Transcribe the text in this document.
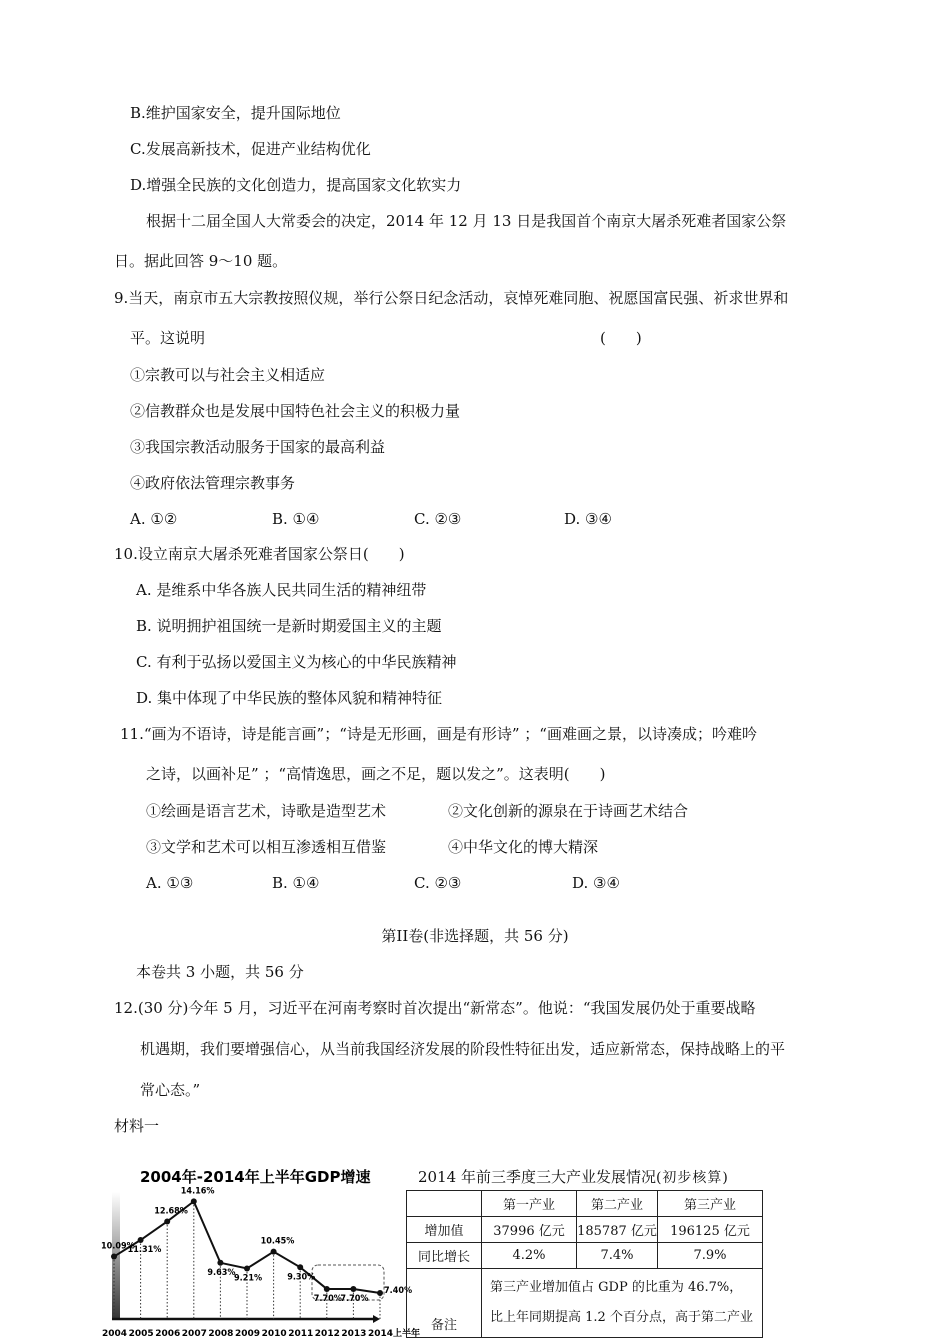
B.维护国家安全，提升国际地位
C.发展高新技术，促进产业结构优化
D.增强全民族的文化创造力，提高国家文化软实力
根据十二届全国人大常委会的决定，2014 年 12 月 13 日是我国首个南京大屠杀死难者国家公祭
日。据此回答 9～10 题。
9.当天，南京市五大宗教按照仪规，举行公祭日纪念活动，哀悼死难同胞、祝愿国富民强、祈求世界和
平。这说明	(　　)
①宗教可以与社会主义相适应
②信教群众也是发展中国特色社会主义的积极力量
③我国宗教活动服务于国家的最高利益
④政府依法管理宗教事务
A. ①②	B. ①④	C. ②③	D. ③④
10.设立南京大屠杀死难者国家公祭日(　　)
A. 是维系中华各族人民共同生活的精神纽带
B. 说明拥护祖国统一是新时期爱国主义的主题
C. 有利于弘扬以爱国主义为核心的中华民族精神
D. 集中体现了中华民族的整体风貌和精神特征
11.“画为不语诗，诗是能言画”；“诗是无形画，画是有形诗” ；“画难画之景，以诗凑成；吟难吟
之诗，以画补足” ；“高情逸思，画之不足，题以发之”。这表明(　　)
①绘画是语言艺术，诗歌是造型艺术	②文化创新的源泉在于诗画艺术结合
③文学和艺术可以相互渗透相互借鉴	④中华文化的博大精深
A. ①③	B. ①④	C. ②③	D. ③④
第II卷(非选择题，共 56 分)
本卷共 3 小题，共 56 分
12.(30 分)今年 5 月，习近平在河南考察时首次提出“新常态”。他说：“我国发展仍处于重要战略
机遇期，我们要增强信心，从当前我国经济发展的阶段性特征出发，适应新常态，保持战略上的平
常心态。”
材料一
2004年-2014年上半年GDP增速
10.09%
2004
11.31%
2005
12.68%
2006
14.16%
2007
9.63%
2008
9.21%
2009
10.45%
2010
9.30%
2011
7.70%
2012
7.70%
2013
7.40%
2014上半年
2014 年前三季度三大产业发展情况(初步核算)
	第一产业	第二产业	第三产业
增加值	37996 亿元	185787 亿元	196125 亿元
同比增长	4.2%	7.4%	7.9%
备注	第三产业增加值占 GDP 的比重为 46.7%，比上年同期提高 1.2 个百分点，高于第二产业		
